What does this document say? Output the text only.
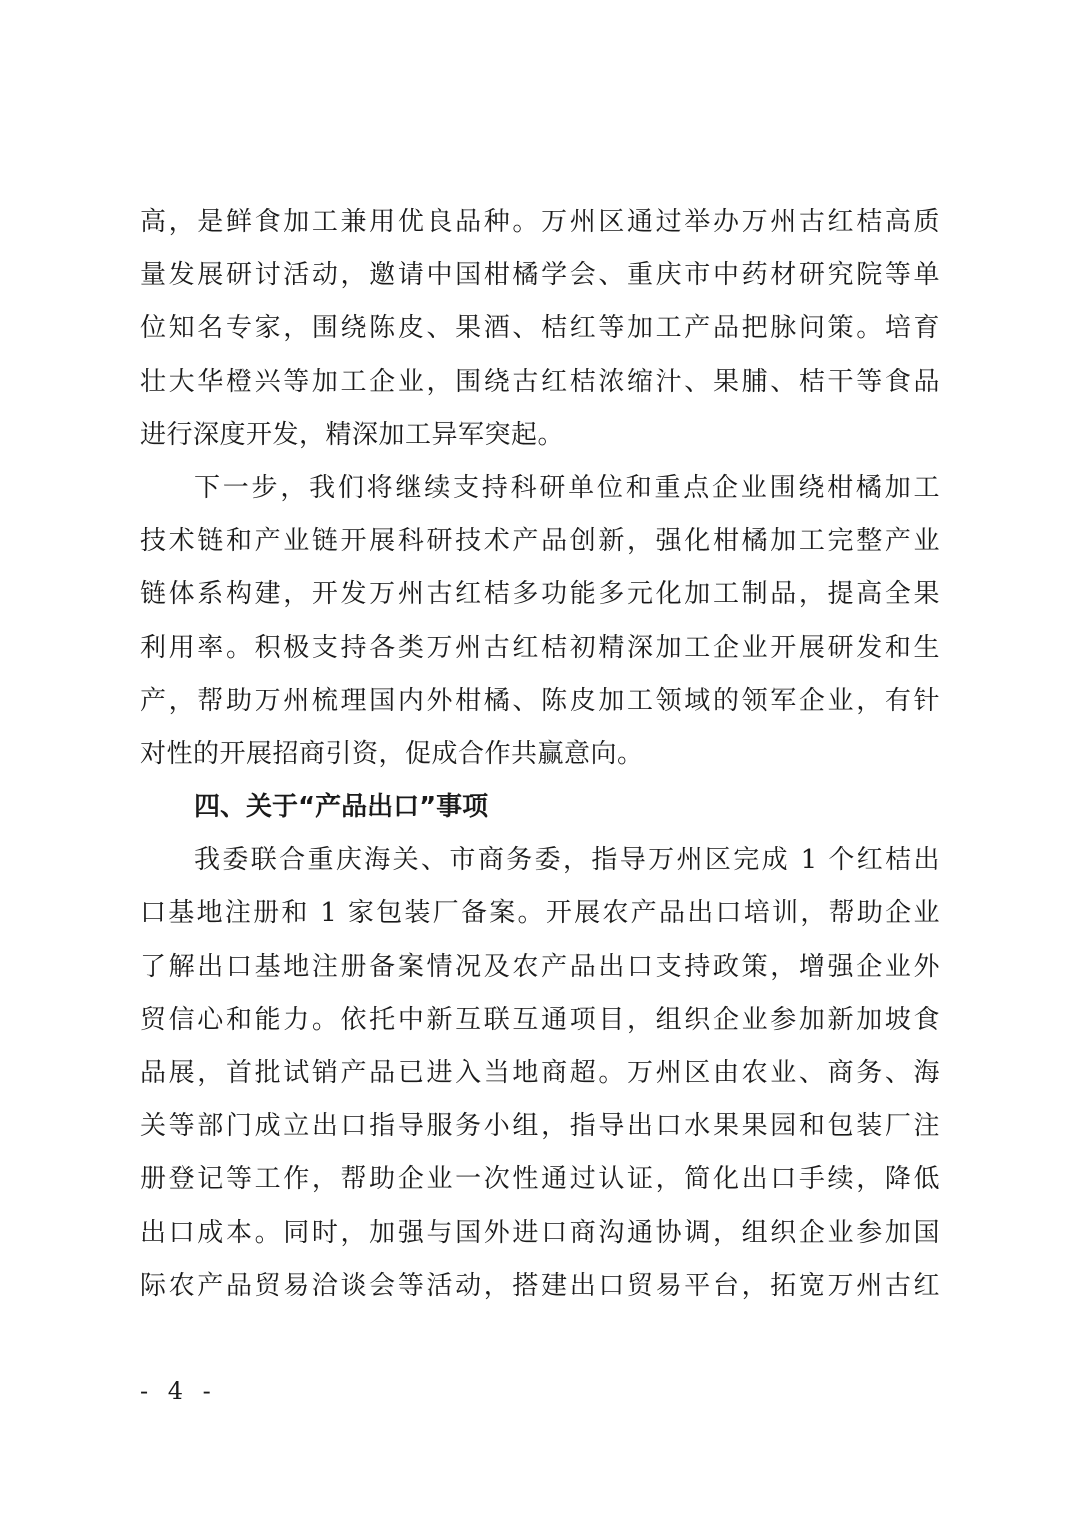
高，是鲜食加工兼用优良品种。万州区通过举办万州古红桔高质
量发展研讨活动，邀请中国柑橘学会、重庆市中药材研究院等单
位知名专家，围绕陈皮、果酒、桔红等加工产品把脉问策。培育
壮大华橙兴等加工企业，围绕古红桔浓缩汁、果脯、桔干等食品
进行深度开发，精深加工异军突起。
下一步，我们将继续支持科研单位和重点企业围绕柑橘加工
技术链和产业链开展科研技术产品创新，强化柑橘加工完整产业
链体系构建，开发万州古红桔多功能多元化加工制品，提高全果
利用率。积极支持各类万州古红桔初精深加工企业开展研发和生
产，帮助万州梳理国内外柑橘、陈皮加工领域的领军企业，有针
对性的开展招商引资，促成合作共赢意向。
四、关于“产品出口”事项
我委联合重庆海关、市商务委，指导万州区完成 1 个红桔出
口基地注册和 1 家包装厂备案。开展农产品出口培训，帮助企业
了解出口基地注册备案情况及农产品出口支持政策，增强企业外
贸信心和能力。依托中新互联互通项目，组织企业参加新加坡食
品展，首批试销产品已进入当地商超。万州区由农业、商务、海
关等部门成立出口指导服务小组，指导出口水果果园和包装厂注
册登记等工作，帮助企业一次性通过认证，简化出口手续，降低
出口成本。同时，加强与国外进口商沟通协调，组织企业参加国
际农产品贸易洽谈会等活动，搭建出口贸易平台，拓宽万州古红
- 4 -
